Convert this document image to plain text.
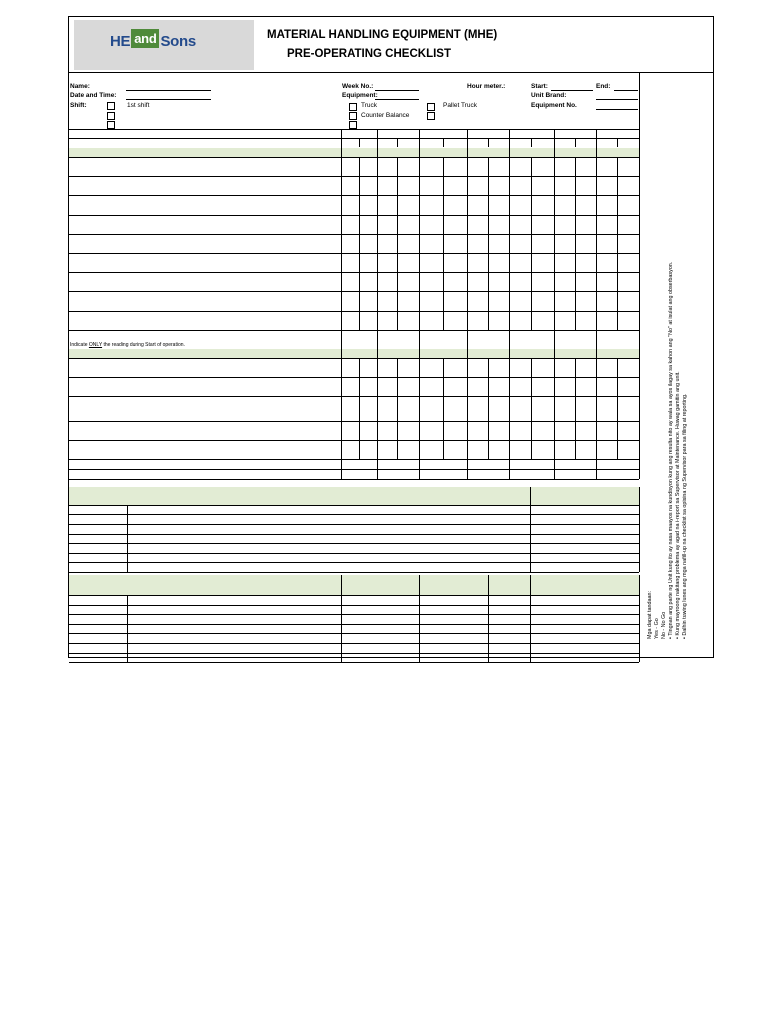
HE and Sons	MATERIAL HANDLING EQUIPMENT (MHE)
PRE-OPERATING CHECKLIST
Name:
Date and Time:
Shift:	1st shift
Week No.:
Equipment:
Truck
Counter Balance
Pallet Truck
Hour meter.:	Start:	End:
Unit Brand:
Equipment No.
Indicate ONLY the reading during Start of operation.
Mga dapat tandaan: Yes - Go No - No Go • Tingnan ang parte ng Unit kung ito ay nasa maayos na kundisyon kung ang resulta nito ay wala sa ayos ilagay sa kahon ang "No" at isulat ang obserbasyon. • Kung mayroong nakitang problema ay agad na i-report sa Supervisor at Maintenance. Huwag gamitin ang unit. • Dalhin tuwing lunes ang mga nafill-up na checklist sa opisina ng Supervisor para sa filing at reporting.
